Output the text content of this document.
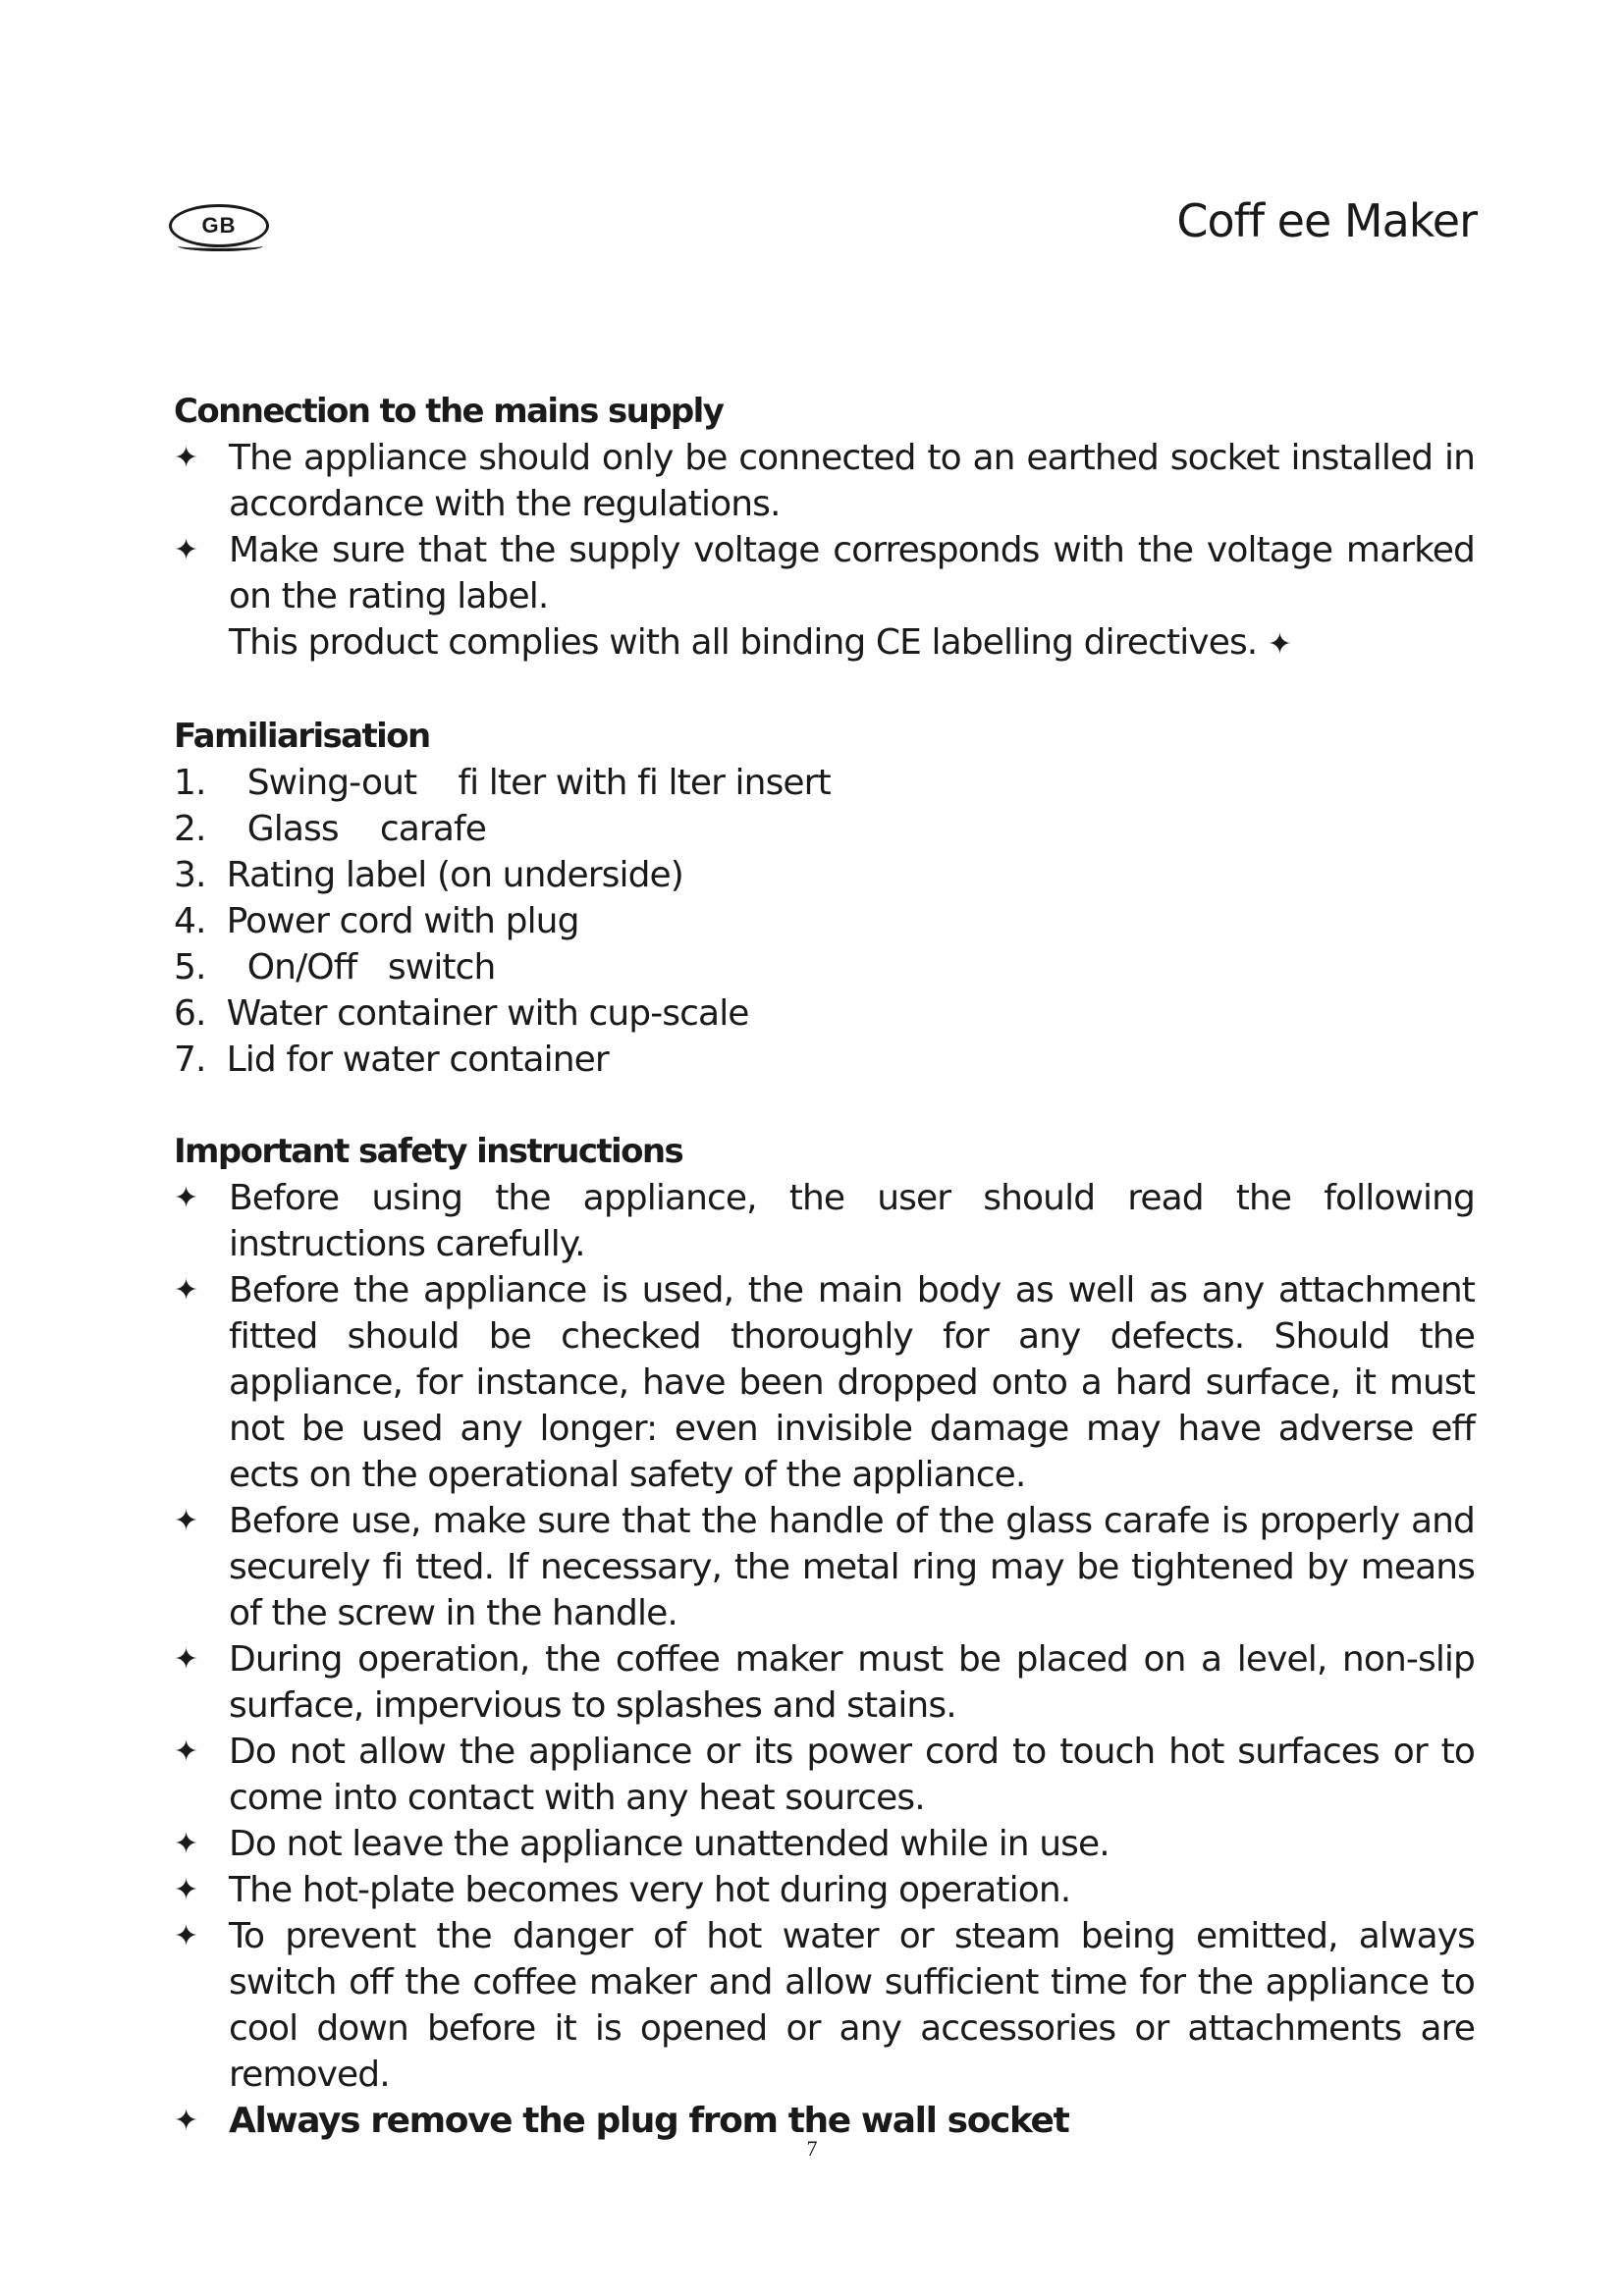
GB	Coff ee Maker
Connection to the mains supply
✦ The appliance should only be connected to an earthed socket installed in accordance with the regulations.
✦ Make sure that the supply voltage corresponds with the voltage marked on the rating label.
This product complies with all binding CE labelling directives. ✦
Familiarisation
1.    Swing-out    fi lter with fi lter insert
2.    Glass    carafe
3.  Rating label (on underside)
4.  Power cord with plug
5.    On/Off   switch
6.  Water container with cup-scale
7.  Lid for water container
Important safety instructions
✦ Before using the appliance, the user should read the following instructions carefully.
✦ Before the appliance is used, the main body as well as any attachment fitted should be checked thoroughly for any defects. Should the appliance, for instance, have been dropped onto a hard surface, it must not be used any longer: even invisible damage may have adverse eff ects on the operational safety of the appliance.
✦ Before use, make sure that the handle of the glass carafe is properly and securely fi tted. If necessary, the metal ring may be tightened by means of the screw in the handle.
✦ During operation, the coffee maker must be placed on a level, non-slip surface, impervious to splashes and stains.
✦ Do not allow the appliance or its power cord to touch hot surfaces or to come into contact with any heat sources.
✦ Do not leave the appliance unattended while in use.
✦ The hot-plate becomes very hot during operation.
✦ To prevent the danger of hot water or steam being emitted, always switch off the coffee maker and allow sufficient time for the appliance to cool down before it is opened or any accessories or attachments are removed.
✦ Always remove the plug from the wall socket
7
